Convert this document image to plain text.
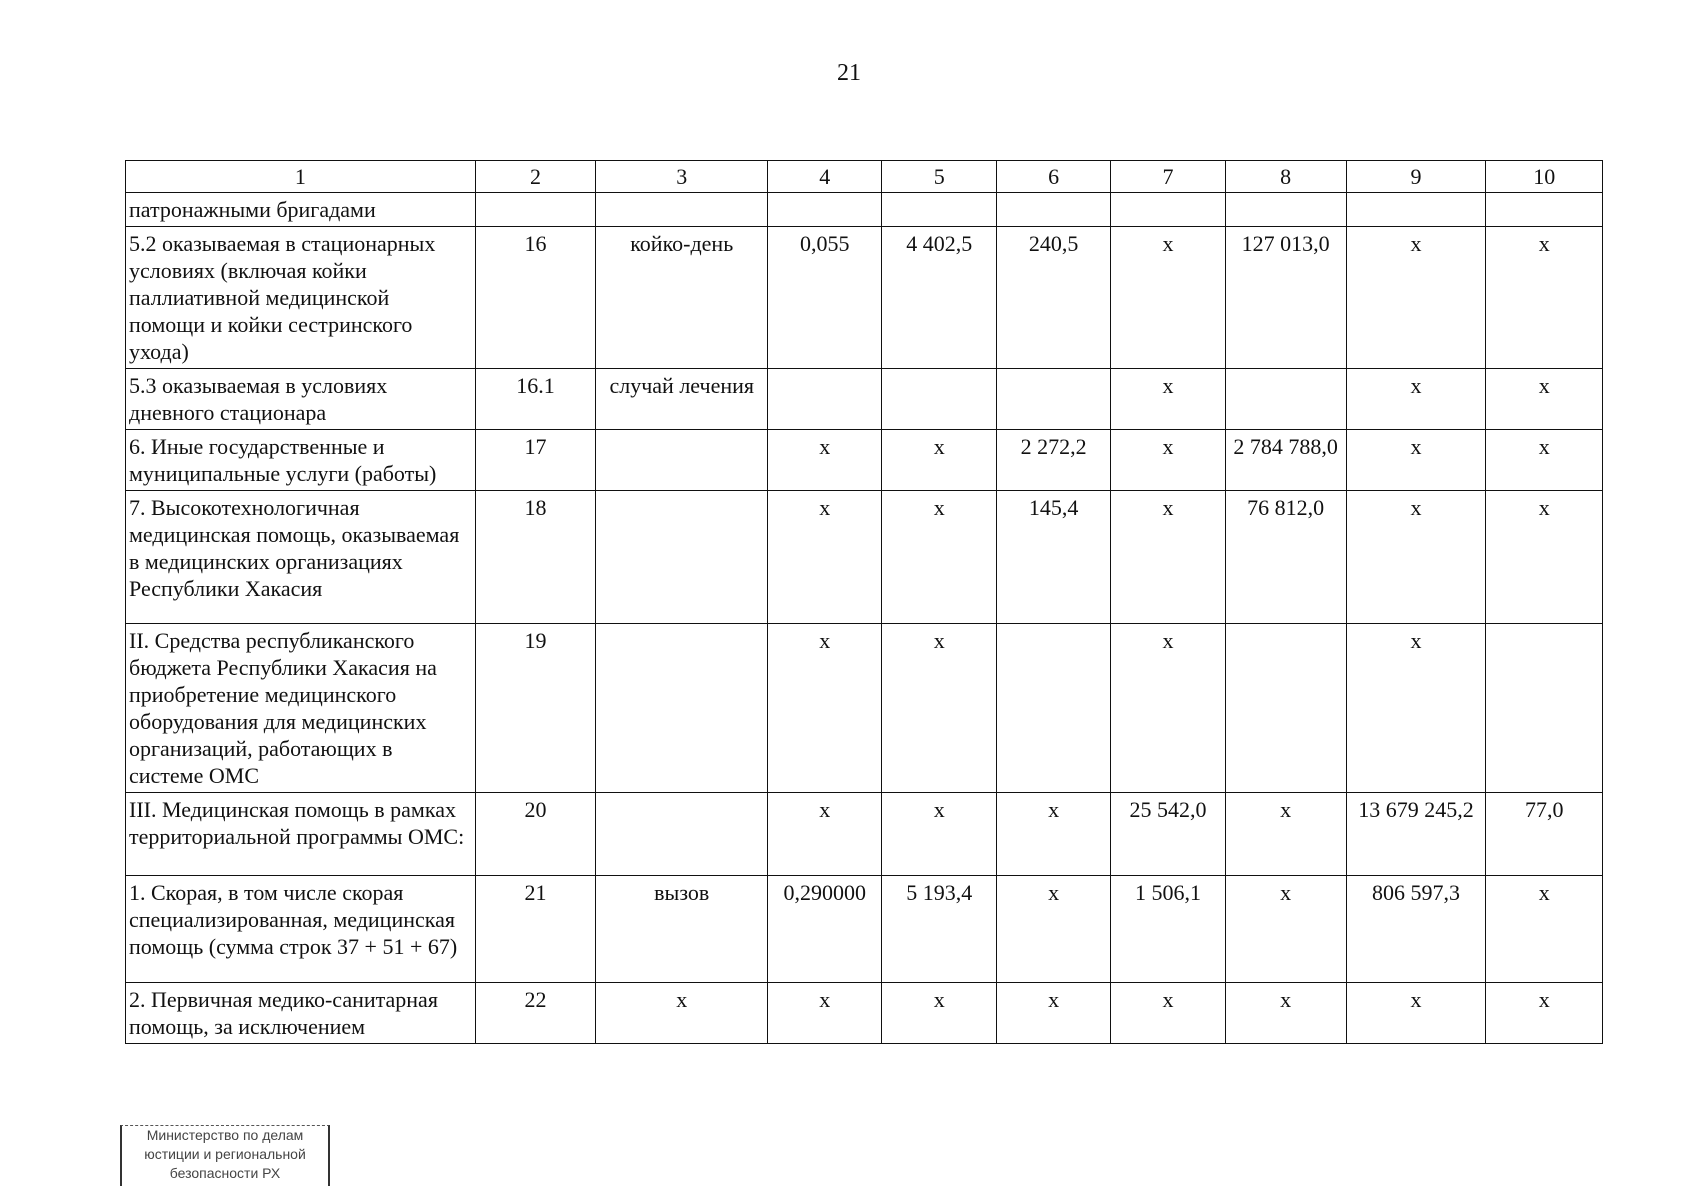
21
1	2	3	4	5	6	7	8	9	10
патронажными бригадами									
5.2 оказываемая в стационарных условиях (включая койки паллиативной медицинской помощи и койки сестринского ухода)	16	койко-день	0,055	4 402,5	240,5	x	127 013,0	x	x
5.3 оказываемая в условиях дневного стационара	16.1	случай лечения				x		x	x
6. Иные государственные и муниципальные услуги (работы)	17		x	x	2 272,2	x	2 784 788,0	x	x
7. Высокотехнологичная медицинская помощь, оказываемая в медицинских организациях Республики Хакасия	18		x	x	145,4	x	76 812,0	x	x
II. Средства республиканского бюджета Республики Хакасия на приобретение медицинского оборудования для медицинских организаций, работающих в системе ОМС	19		x	x		x		x	
III. Медицинская помощь в рамках территориальной программы ОМС:	20		x	x	x	25 542,0	x	13 679 245,2	77,0
1. Скорая, в том числе скорая специализированная, медицинская помощь (сумма строк 37 + 51 + 67)	21	вызов	0,290000	5 193,4	x	1 506,1	x	806 597,3	x
2. Первичная медико-санитарная помощь, за исключением	22	x	x	x	x	x	x	x	x
Министерство по делам
юстиции и региональной
безопасности РХ
